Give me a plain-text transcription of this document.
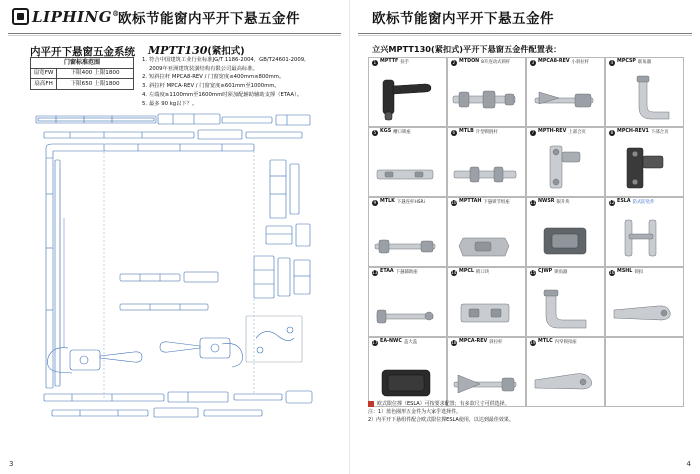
LIPHING®
欧标节能窗内平开下悬五金件
内平开下悬窗五金系统 MPTT130(紧扣式)
门窗标准范围	
扇宽FW	下限400 上限1800
扇高FH	下限650 上限1800
1. 符合中国建筑工业行业标准JG/T 1186-2004，GB/T24601-2009,
2009年亚洲建筑装潢结构有限公司最高标准。
2. 短斜拉杆 MPCA8-REV / 门窗宽度≤400mm≤800mm。
3. 斜拉杆 MPCA-REV / 门窗宽度≥601mm至1000mm。
4. 左端度≥1100mm至1600mm时须加配辅助辅助支撑（ETAA）。
5. 最多 90 kg以下？。
3
欧标节能窗内平开下悬五金件
立兴MPTT130(紧扣式)平开下悬窗五金件配置表：
1 MPTTF 扶手	2 MTDON 8升连动式锁杆	3 MPCA8-REV 小斜拉杆	4 MPCSP 联角器
5 KGS 槽口锁座	6 MTLB 片型锁链杆	7 MPTH-REV 上部合页	8 MPCH-REV1 下部合页
9 MTLK 下悬连杆HSRi	10 MPTTAH 下悬锁节组座	11 NWSR 限升块	12 ESLA 防式防坠件
13 ETAA 下悬辅助座	14 MPCL 锁口块	15 CJWP 锁角器	16 MSHL 锁扣
17 EA-NWC 盖大盖	18 MPCA-REV 斜拉杆	19 MTLC 内窄锁扣座
欧式限位撑（ESLA）可按要求配置；有多款尺寸可供选择。
注：1）蓝色圈形五金件为大家乎选择件。
2）内平开下悬组件配合欧式限位撑ESLA使用，以达到最佳效果。
4
